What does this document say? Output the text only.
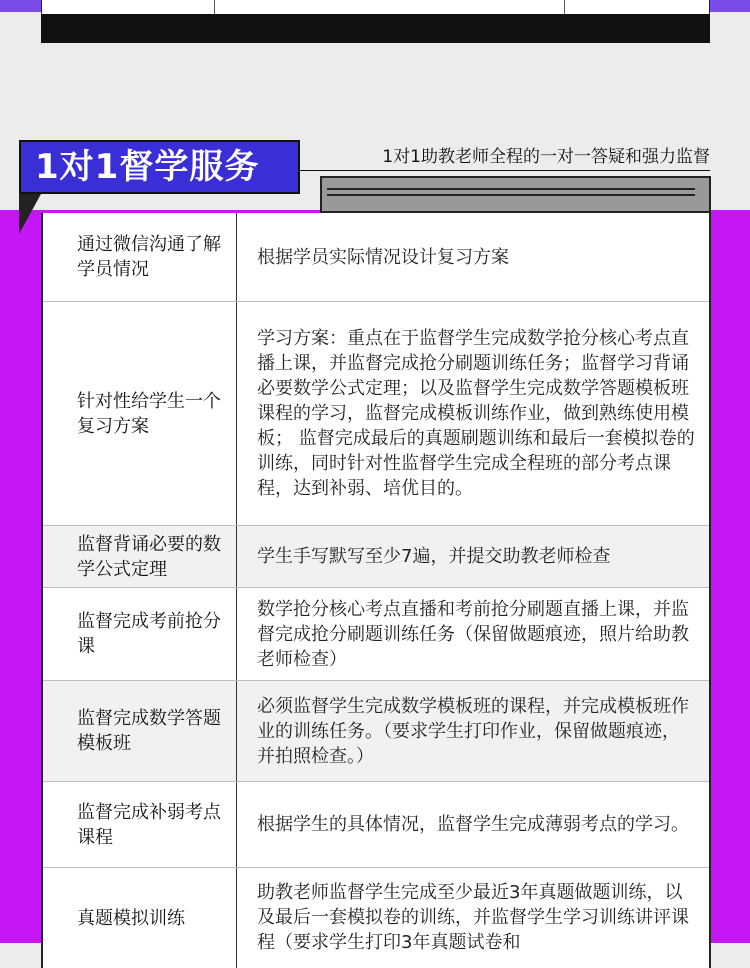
1对1督学服务	1对1助教老师全程的一对一答疑和强力监督
通过微信沟通了解学员情况
根据学员实际情况设计复习方案
针对性给学生一个复习方案
学习方案：重点在于监督学生完成数学抢分核心考点直播上课，并监督完成抢分刷题训练任务；监督学习背诵必要数学公式定理；以及监督学生完成数学答题模板班课程的学习，监督完成模板训练作业，做到熟练使用模板； 监督完成最后的真题刷题训练和最后一套模拟卷的训练，同时针对性监督学生完成全程班的部分考点课程，达到补弱、培优目的。
监督背诵必要的数学公式定理
学生手写默写至少7遍，并提交助教老师检查
监督完成考前抢分课
数学抢分核心考点直播和考前抢分刷题直播上课，并监督完成抢分刷题训练任务（保留做题痕迹，照片给助教老师检查）
监督完成数学答题模板班
必须监督学生完成数学模板班的课程，并完成模板班作业的训练任务。（要求学生打印作业，保留做题痕迹，并拍照检查。）
监督完成补弱考点课程
根据学生的具体情况，监督学生完成薄弱考点的学习。
真题模拟训练
助教老师监督学生完成至少最近3年真题做题训练，以及最后一套模拟卷的训练，并监督学生学习训练讲评课程（要求学生打印3年真题试卷和
